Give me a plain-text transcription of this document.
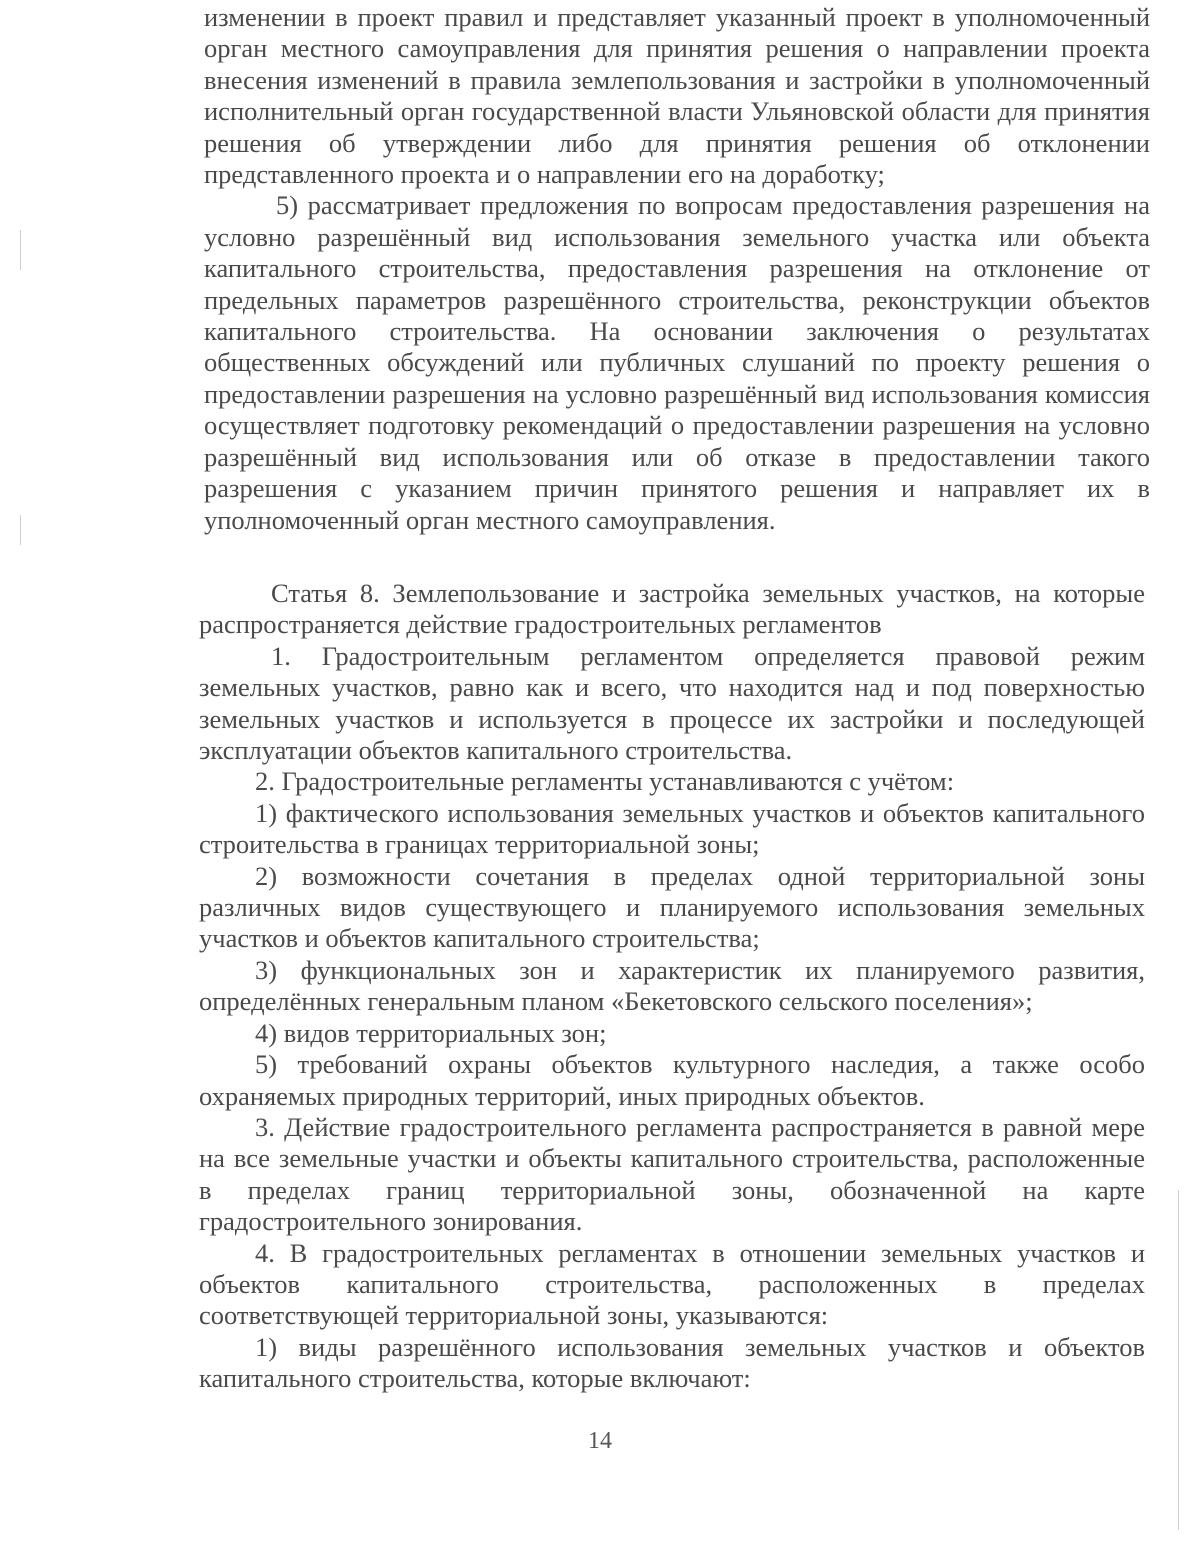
изменении в проект правил и представляет указанный проект в уполномоченный орган местного самоуправления для принятия решения о направлении проекта внесения изменений в правила землепользования и застройки в уполномоченный исполнительный орган государственной власти Ульяновской области для принятия решения об утверждении либо для принятия решения об отклонении представленного проекта и о направлении его на доработку;

5) рассматривает предложения по вопросам предоставления разрешения на условно разрешённый вид использования земельного участка или объекта капитального строительства, предоставления разрешения на отклонение от предельных параметров разрешённого строительства, реконструкции объектов капитального строительства. На основании заключения о результатах общественных обсуждений или публичных слушаний по проекту решения о предоставлении разрешения на условно разрешённый вид использования комиссия осуществляет подготовку рекомендаций о предоставлении разрешения на условно разрешённый вид использования или об отказе в предоставлении такого разрешения с указанием причин принятого решения и направляет их в уполномоченный орган местного самоуправления.

Статья 8. Землепользование и застройка земельных участков, на которые распространяется действие градостроительных регламентов

1. Градостроительным регламентом определяется правовой режим земельных участков, равно как и всего, что находится над и под поверхностью земельных участков и используется в процессе их застройки и последующей эксплуатации объектов капитального строительства.

2. Градостроительные регламенты устанавливаются с учётом:

1) фактического использования земельных участков и объектов капитального строительства в границах территориальной зоны;

2) возможности сочетания в пределах одной территориальной зоны различных видов существующего и планируемого использования земельных участков и объектов капитального строительства;

3) функциональных зон и характеристик их планируемого развития, определённых генеральным планом «Бекетовского сельского поселения»;

4) видов территориальных зон;

5) требований охраны объектов культурного наследия, а также особо охраняемых природных территорий, иных природных объектов.

3. Действие градостроительного регламента распространяется в равной мере на все земельные участки и объекты капитального строительства, расположенные в пределах границ территориальной зоны, обозначенной на карте градостроительного зонирования.

4. В градостроительных регламентах в отношении земельных участков и объектов капитального строительства, расположенных в пределах соответствующей территориальной зоны, указываются:

1) виды разрешённого использования земельных участков и объектов капитального строительства, которые включают:

14
